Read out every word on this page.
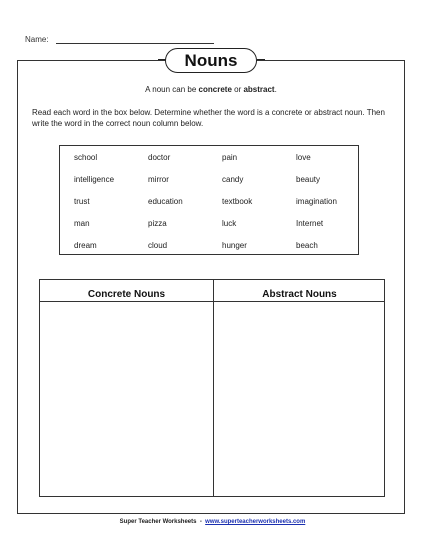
Name:
Nouns
A noun can be concrete or abstract.
Read each word in the box below. Determine whether the word is a concrete or abstract noun. Then write the word in the correct noun column below.
school	doctor	pain	love
intelligence	mirror	candy	beauty
trust	education	textbook	imagination
man	pizza	luck	Internet
dream	cloud	hunger	beach
Concrete Nouns	Abstract Nouns
Super Teacher Worksheets  -  www.superteacherworksheets.com
